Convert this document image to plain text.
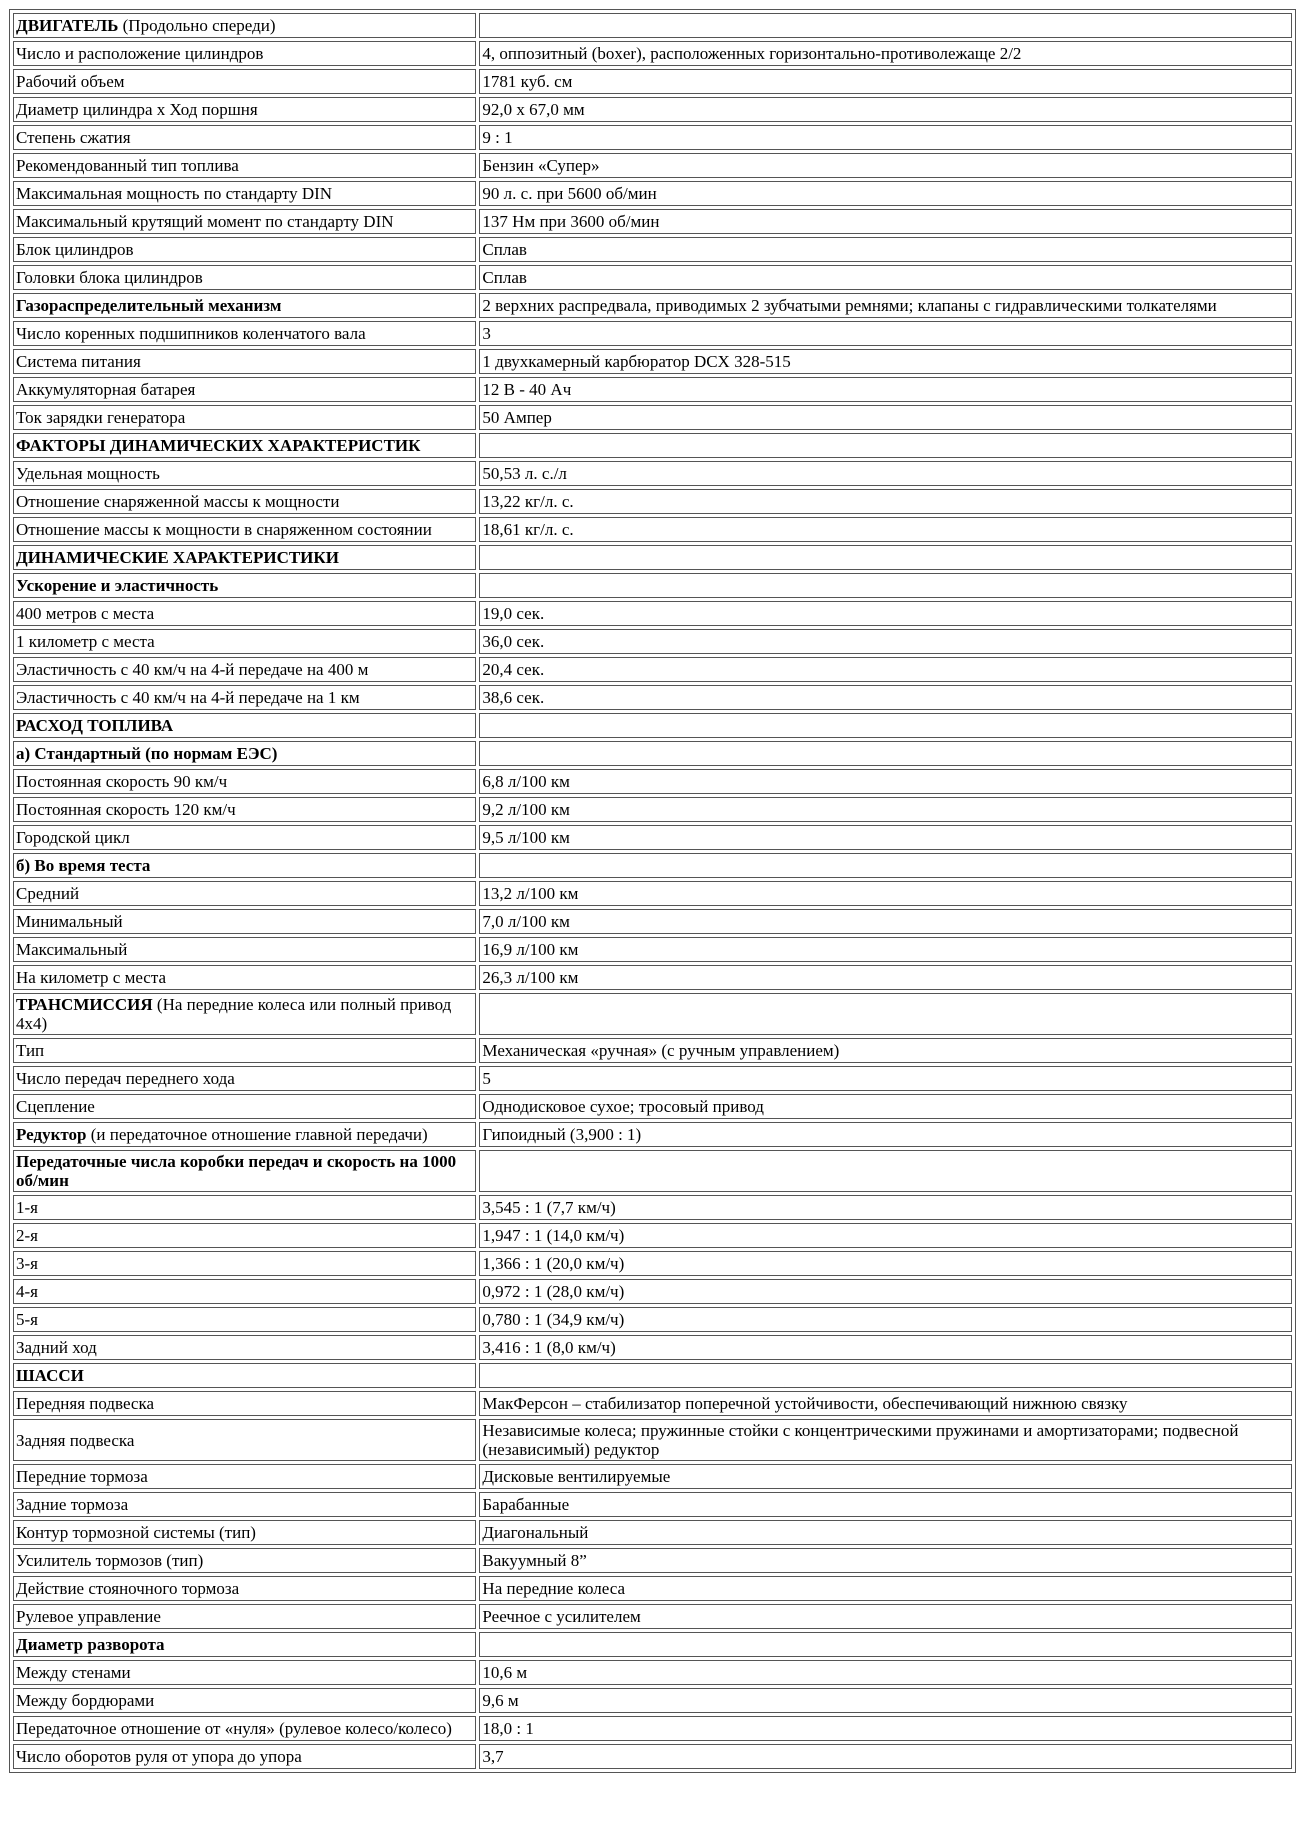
ДВИГАТЕЛЬ (Продольно спереди)	
Число и расположение цилиндров	4, оппозитный (boxer), расположенных горизонтально-противолежаще 2/2
Рабочий объем	1781 куб. см
Диаметр цилиндра х Ход поршня	92,0 х 67,0 мм
Степень сжатия	9 : 1
Рекомендованный тип топлива	Бензин «Супер»
Максимальная мощность по стандарту DIN	90 л. с. при 5600 об/мин
Максимальный крутящий момент по стандарту DIN	137 Нм при 3600 об/мин
Блок цилиндров	Сплав
Головки блока цилиндров	Сплав
Газораспределительный механизм	2 верхних распредвала, приводимых 2 зубчатыми ремнями; клапаны с гидравлическими толкателями
Число коренных подшипников коленчатого вала	3
Система питания	1 двухкамерный карбюратор DCX 328-515
Аккумуляторная батарея	12 В - 40 Ач
Ток зарядки генератора	50 Ампер
ФАКТОРЫ ДИНАМИЧЕСКИХ ХАРАКТЕРИСТИК	
Удельная мощность	50,53 л. с./л
Отношение снаряженной массы к мощности	13,22 кг/л. с.
Отношение массы к мощности в снаряженном состоянии	18,61 кг/л. с.
ДИНАМИЧЕСКИЕ ХАРАКТЕРИСТИКИ	
Ускорение и эластичность	
400 метров с места	19,0 сек.
1 километр с места	36,0 сек.
Эластичность с 40 км/ч на 4-й передаче на 400 м	20,4 сек.
Эластичность с 40 км/ч на 4-й передаче на 1 км	38,6 сек.
РАСХОД ТОПЛИВА	
а) Стандартный (по нормам ЕЭС)	
Постоянная скорость 90 км/ч	6,8 л/100 км
Постоянная скорость 120 км/ч	9,2 л/100 км
Городской цикл	9,5 л/100 км
б) Во время теста	
Средний	13,2 л/100 км
Минимальный	7,0 л/100 км
Максимальный	16,9 л/100 км
На километр с места	26,3 л/100 км
ТРАНСМИССИЯ (На передние колеса или полный привод 4х4)	
Тип	Механическая «ручная» (с ручным управлением)
Число передач переднего хода	5
Сцепление	Однодисковое сухое; тросовый привод
Редуктор (и передаточное отношение главной передачи)	Гипоидный (3,900 : 1)
Передаточные числа коробки передач и скорость на 1000 об/мин	
1-я	3,545 : 1 (7,7 км/ч)
2-я	1,947 : 1 (14,0 км/ч)
3-я	1,366 : 1 (20,0 км/ч)
4-я	0,972 : 1 (28,0 км/ч)
5-я	0,780 : 1 (34,9 км/ч)
Задний ход	3,416 : 1 (8,0 км/ч)
ШАССИ	
Передняя подвеска	МакФерсон – стабилизатор поперечной устойчивости, обеспечивающий нижнюю связку
Задняя подвеска	Независимые колеса; пружинные стойки с концентрическими пружинами и амортизаторами; подвесной (независимый) редуктор
Передние тормоза	Дисковые вентилируемые
Задние тормоза	Барабанные
Контур тормозной системы (тип)	Диагональный
Усилитель тормозов (тип)	Вакуумный 8”
Действие стояночного тормоза	На передние колеса
Рулевое управление	Реечное с усилителем
Диаметр разворота	
Между стенами	10,6 м
Между бордюрами	9,6 м
Передаточное отношение от «нуля» (рулевое колесо/колесо)	18,0 : 1
Число оборотов руля от упора до упора	3,7
